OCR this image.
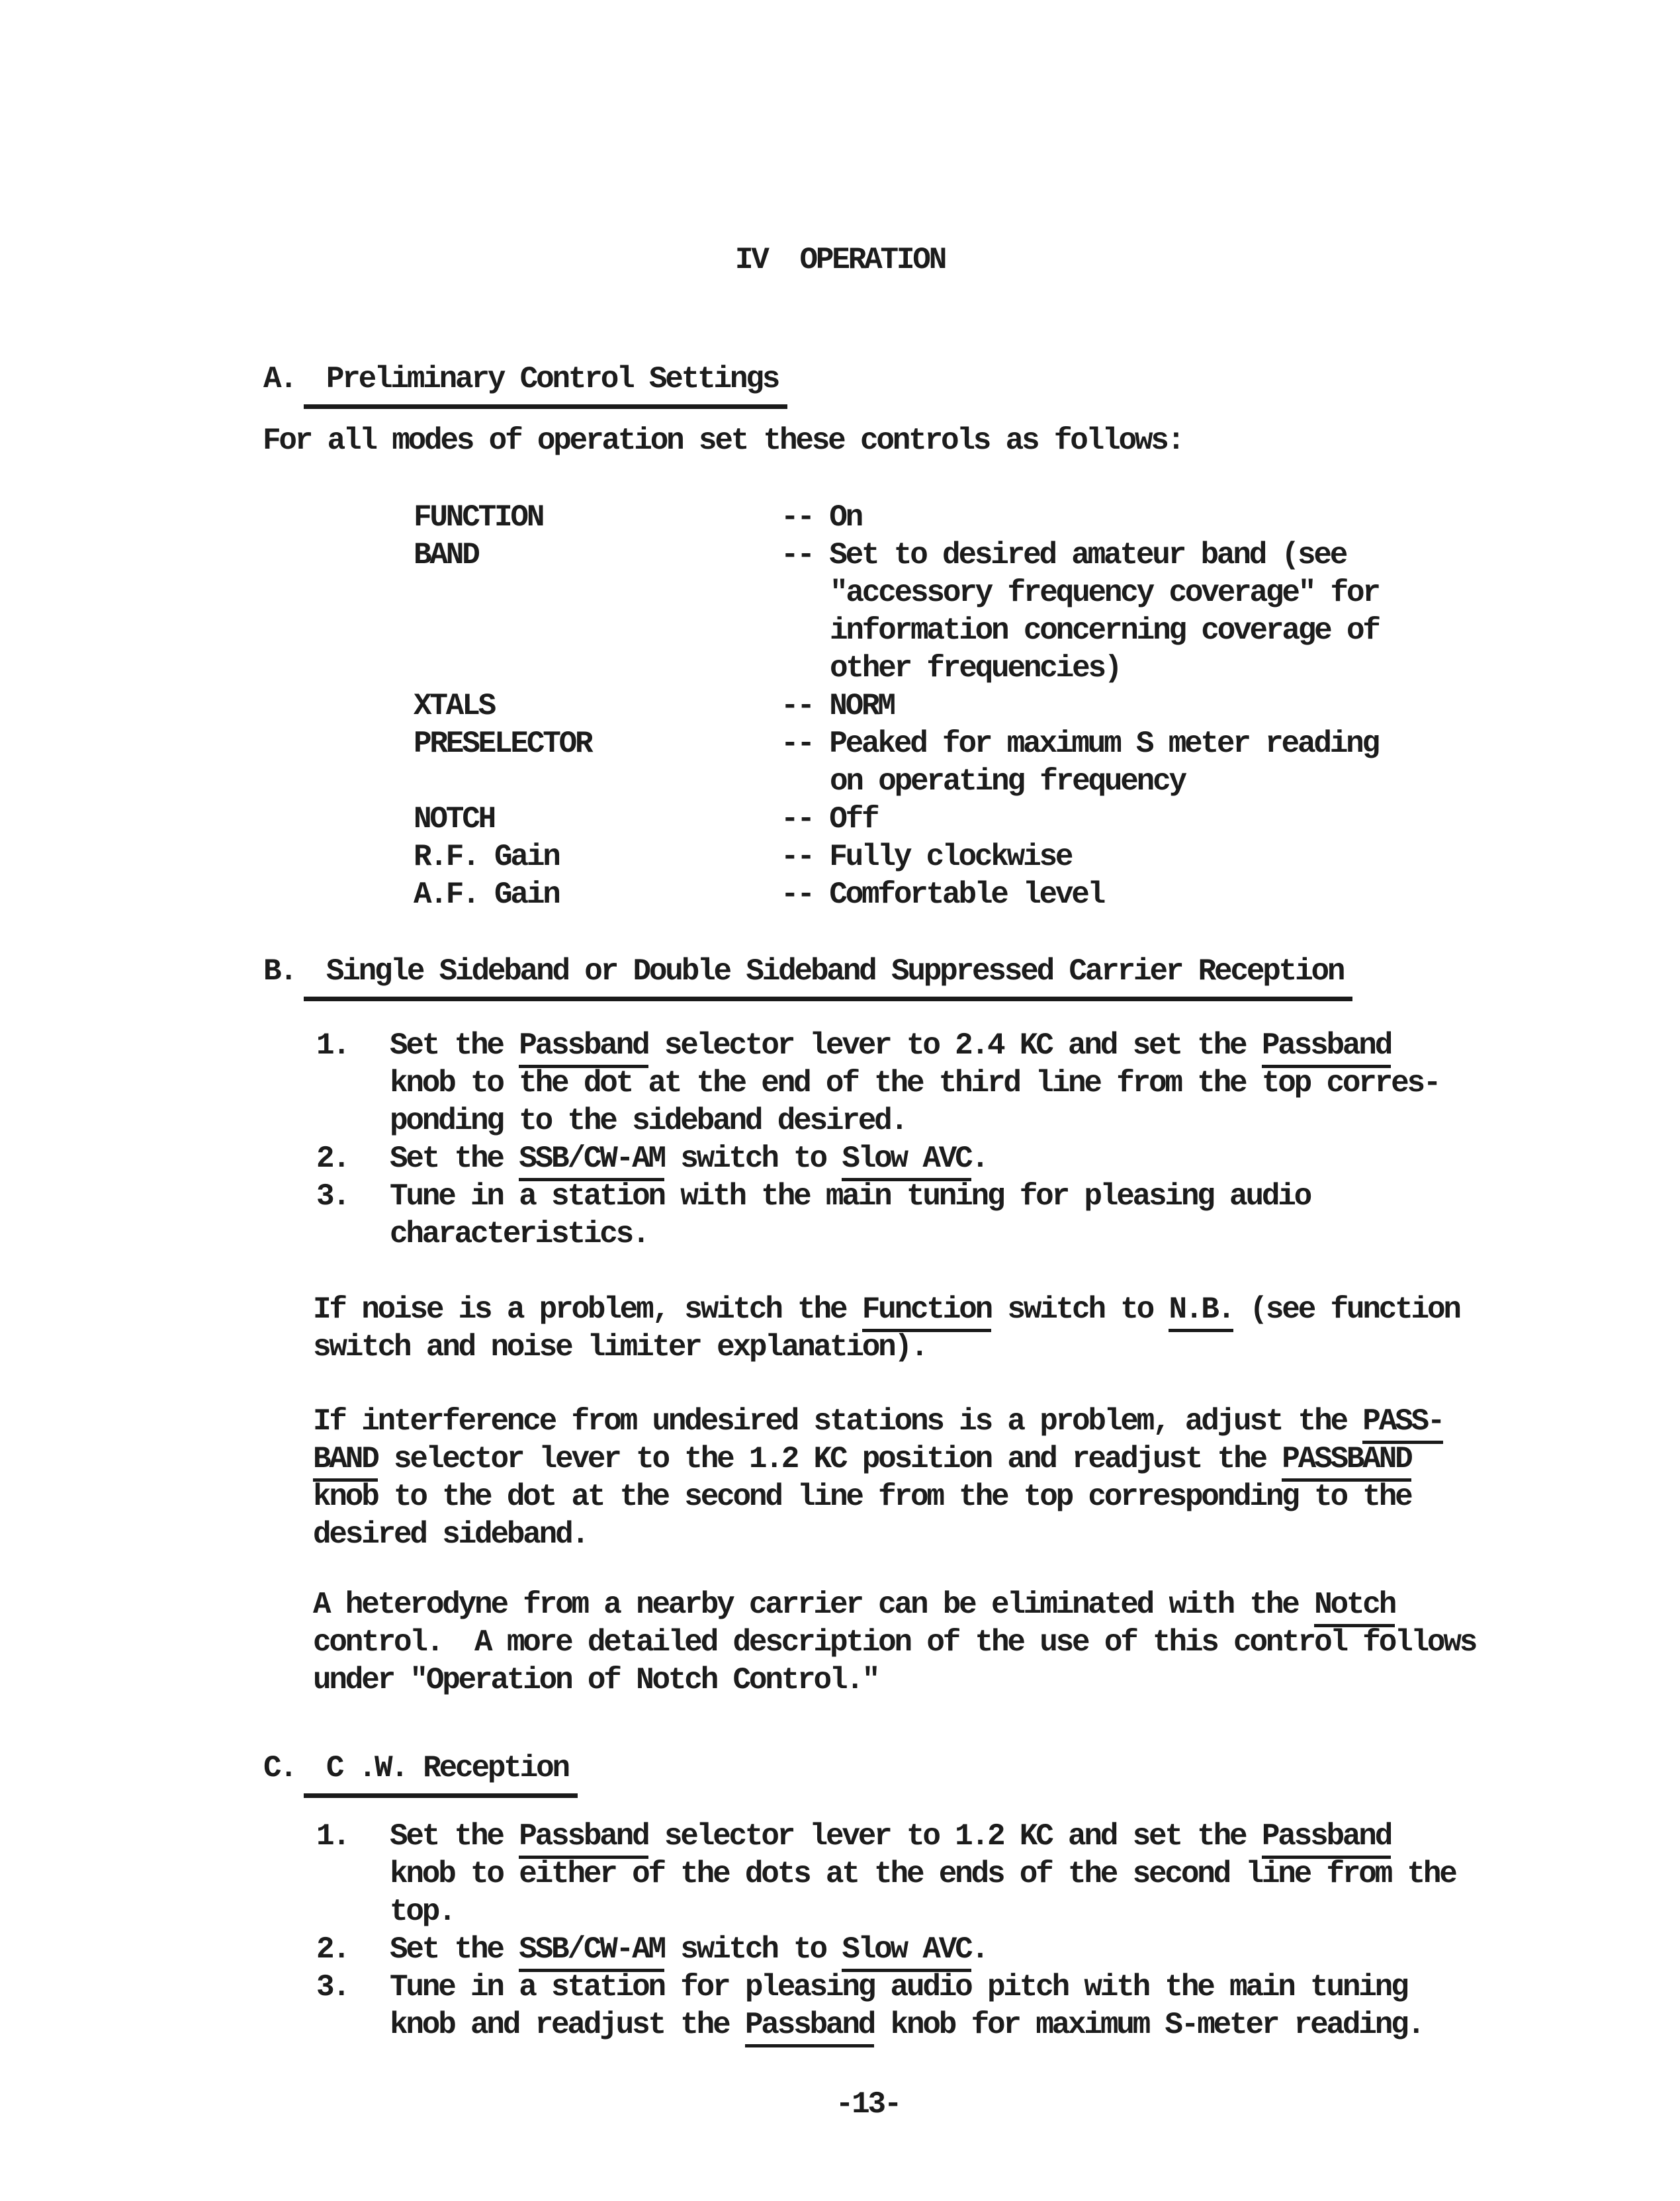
IV  OPERATION
A. Preliminary Control Settings
For all modes of operation set these controls as follows:
FUNCTION	-- On
BAND	-- Set to desired amateur band (see
"accessory frequency coverage" for
information concerning coverage of
other frequencies)
XTALS	-- NORM
PRESELECTOR	-- Peaked for maximum S meter reading
on operating frequency
NOTCH	-- Off
R.F. Gain	-- Fully clockwise
A.F. Gain	-- Comfortable level
B. Single Sideband or Double Sideband Suppressed Carrier Reception
1.	Set the Passband selector lever to 2.4 KC and set the Passband
knob to the dot at the end of the third line from the top corres-
ponding to the sideband desired.
2.	Set the SSB/CW-AM switch to Slow AVC.
3.	Tune in a station with the main tuning for pleasing audio
characteristics.
If noise is a problem, switch the Function switch to N.B. (see function
switch and noise limiter explanation).
If interference from undesired stations is a problem, adjust the PASS-
BAND selector lever to the 1.2 KC position and readjust the PASSBAND
knob to the dot at the second line from the top corresponding to the
desired sideband.
A heterodyne from a nearby carrier can be eliminated with the Notch
control.  A more detailed description of the use of this control follows
under "Operation of Notch Control."
C. C .W. Reception
1.	Set the Passband selector lever to 1.2 KC and set the Passband
knob to either of the dots at the ends of the second line from the
top.
2.	Set the SSB/CW-AM switch to Slow AVC.
3.	Tune in a station for pleasing audio pitch with the main tuning
knob and readjust the Passband knob for maximum S-meter reading.
-13-
